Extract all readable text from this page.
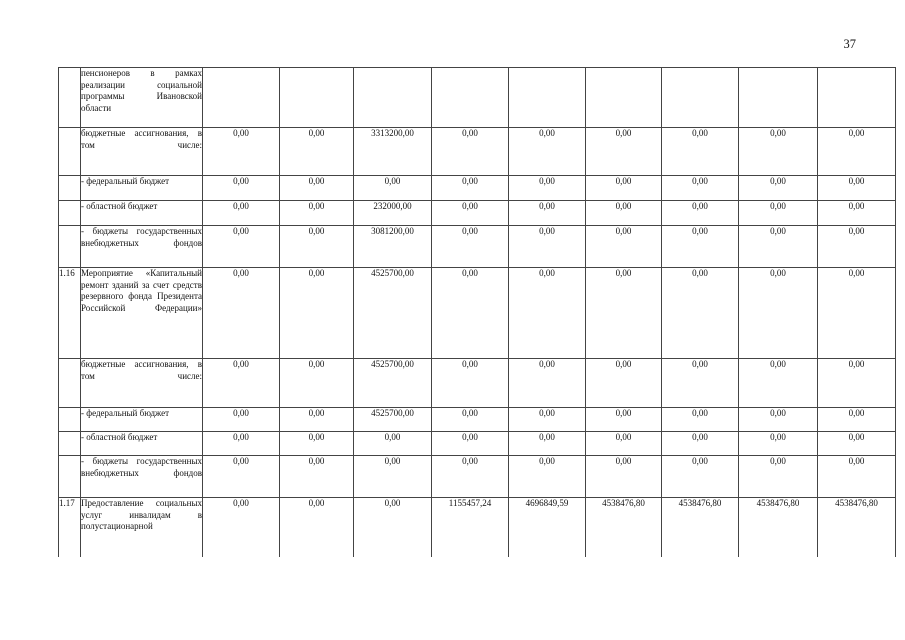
37
	пенсионеров в рамках реализации социальной программы Ивановской области									
	бюджетные ассигнования, в том числе:	0,00	0,00	3313200,00	0,00	0,00	0,00	0,00	0,00	0,00
	- федеральный бюджет	0,00	0,00	0,00	0,00	0,00	0,00	0,00	0,00	0,00
	- областной бюджет	0,00	0,00	232000,00	0,00	0,00	0,00	0,00	0,00	0,00
	- бюджеты государственных внебюджетных фондов	0,00	0,00	3081200,00	0,00	0,00	0,00	0,00	0,00	0,00
1.16	Мероприятие «Капитальный ремонт зданий за счет средств резервного фонда Президента Российской Федерации»	0,00	0,00	4525700,00	0,00	0,00	0,00	0,00	0,00	0,00
	бюджетные ассигнования, в том числе:	0,00	0,00	4525700,00	0,00	0,00	0,00	0,00	0,00	0,00
	- федеральный бюджет	0,00	0,00	4525700,00	0,00	0,00	0,00	0,00	0,00	0,00
	- областной бюджет	0,00	0,00	0,00	0,00	0,00	0,00	0,00	0,00	0,00
	- бюджеты государственных внебюджетных фондов	0,00	0,00	0,00	0,00	0,00	0,00	0,00	0,00	0,00
1.17	Предоставление социальных услуг инвалидам в полустационарной	0,00	0,00	0,00	1155457,24	4696849,59	4538476,80	4538476,80	4538476,80	4538476,80
